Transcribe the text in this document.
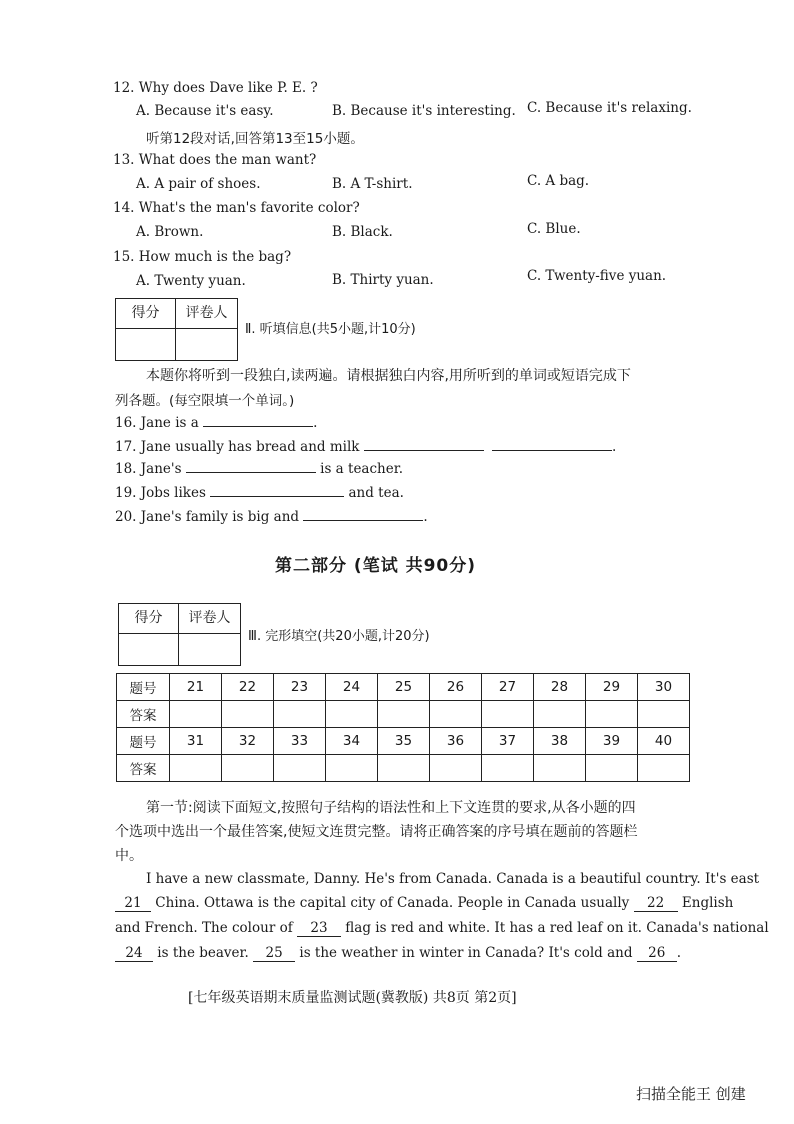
12. Why does Dave like P. E. ?
A. Because it's easy.	B. Because it's interesting. C. Because it's relaxing.
听第12段对话,回答第13至15小题。
13. What does the man want?
A. A pair of shoes.	B. A T-shirt.	C. A bag.
14. What's the man's favorite color?
A. Brown.	B. Black.	C. Blue.
15. How much is the bag?
A. Twenty yuan.	B. Thirty yuan.	C. Twenty-five yuan.
得分	评卷人
Ⅱ. 听填信息(共5小题,计10分)
本题你将听到一段独白,读两遍。请根据独白内容,用所听到的单词或短语完成下
列各题。(每空限填一个单词。)
16. Jane is a	.
17. Jane usually has bread and milk	.
18. Jane's	is a teacher.
19. Jobs likes	and tea.
20. Jane's family is big and	.
第二部分 (笔试 共90分)
得分	评卷人
Ⅲ. 完形填空(共20小题,计20分)
题号	21	22	23	24	25	26	27	28	29	30
答案										
题号	31	32	33	34	35	36	37	38	39	40
答案										
第一节:阅读下面短文,按照句子结构的语法性和上下文连贯的要求,从各小题的四
个选项中选出一个最佳答案,使短文连贯完整。请将正确答案的序号填在题前的答题栏
中。
I have a new classmate, Danny. He's from Canada. Canada is a beautiful country. It's east
21 China. Ottawa is the capital city of Canada. People in Canada usually 22 English
and French. The colour of 23 flag is red and white. It has a red leaf on it. Canada's national
24 is the beaver. 25 is the weather in winter in Canada? It's cold and 26 .
[七年级英语期末质量监测试题(冀教版) 共8页 第2页]
扫描全能王 创建
